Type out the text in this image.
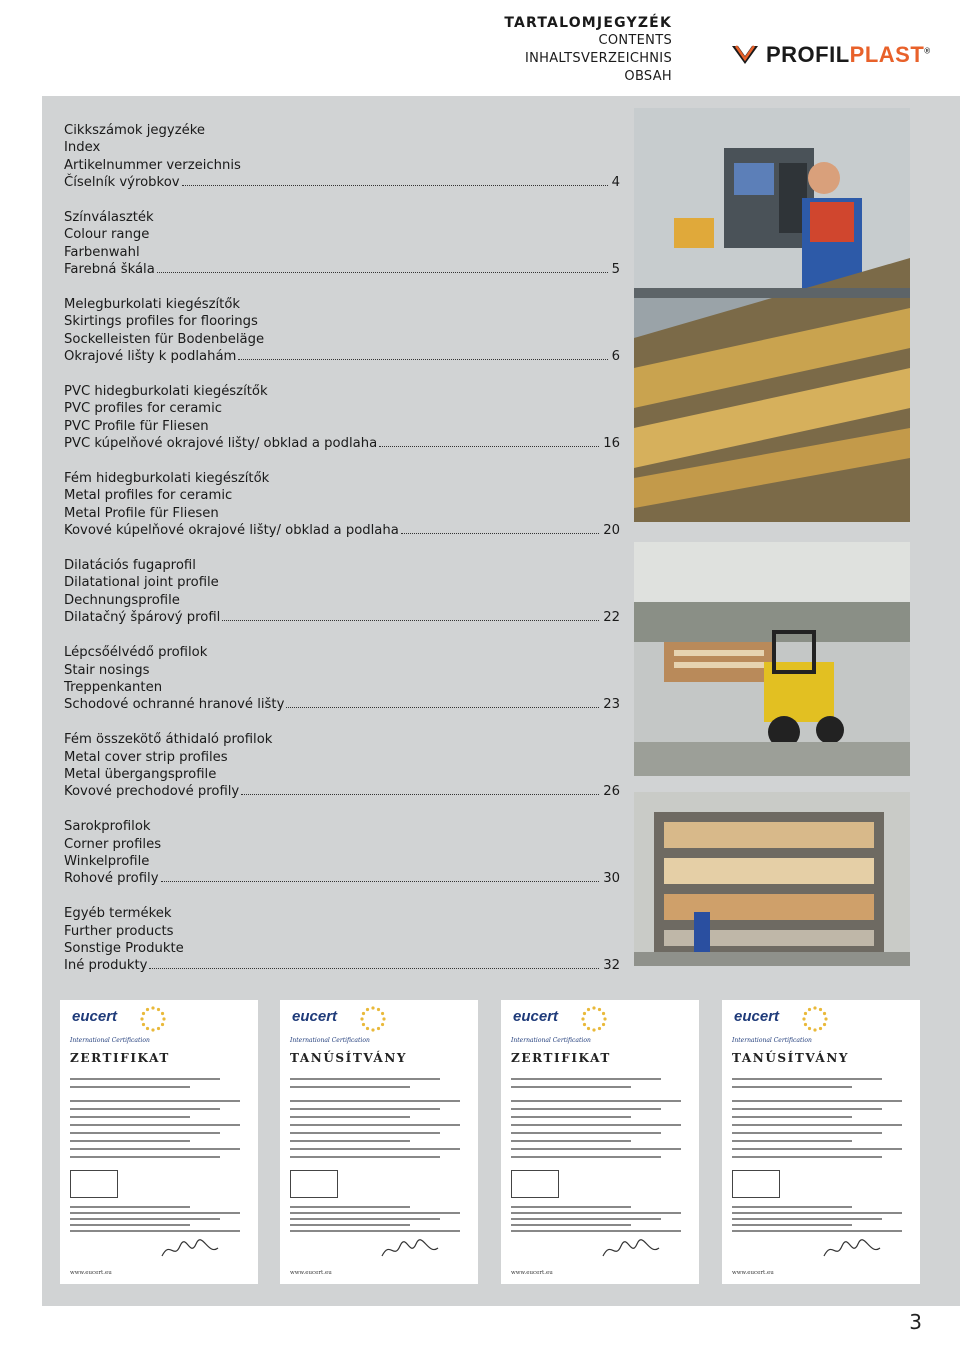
TARTALOMJEGYZÉK
CONTENTS
INHALTSVERZEICHNIS
OBSAH
PROFILPLAST®
Cikkszámok jegyzéke
Index
Artikelnummer verzeichnis
Číselník výrobkov	4
Színválaszték
Colour range
Farbenwahl
Farebná škála	5
Melegburkolati kiegészítők
Skirtings profiles for floorings
Sockelleisten für Bodenbeläge
Okrajové lišty k podlahám	6
PVC hidegburkolati kiegészítők
PVC profiles for ceramic
PVC Profile für Fliesen
PVC kúpelňové okrajové lišty/ obklad a podlaha	16
Fém hidegburkolati kiegészítők
Metal profiles for ceramic
Metal Profile für Fliesen
Kovové kúpelňové okrajové lišty/ obklad a podlaha	20
Dilatációs fugaprofil
Dilatational joint profile
Dechnungsprofile
Dilatačný špárový profil	22
Lépcsőélvédő profilok
Stair nosings
Treppenkanten
Schodové ochranné hranové lišty	23
Fém összekötő áthidaló profilok
Metal cover strip profiles
Metal übergangsprofile
Kovové prechodové profily	26
Sarokprofilok
Corner profiles
Winkelprofile
Rohové profily	30
Egyéb termékek
Further products
Sonstige Produkte
Iné produkty	32
eucert
International Certification
ZERTIFIKAT
www.eucert.eu
eucert
International Certification
TANÚSÍTVÁNY
www.eucert.eu
eucert
International Certification
ZERTIFIKAT
www.eucert.eu
eucert
International Certification
TANÚSÍTVÁNY
www.eucert.eu
3
